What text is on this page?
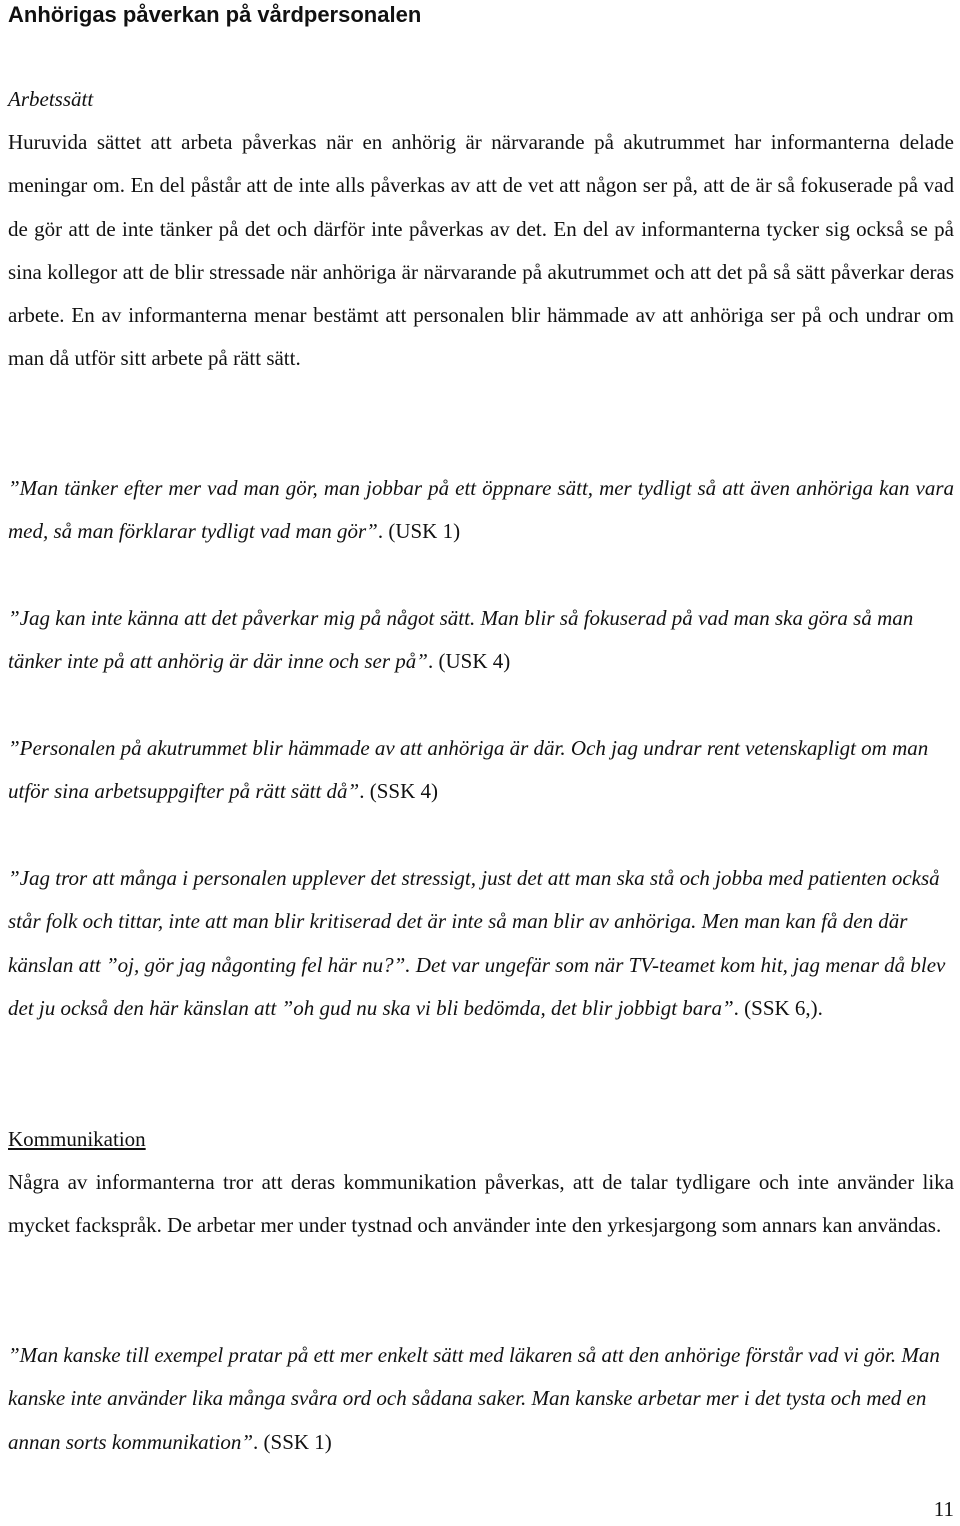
Anhörigas påverkan på vårdpersonalen
Arbetssätt

Huruvida sättet att arbeta påverkas när en anhörig är närvarande på akutrummet har informanterna delade meningar om. En del påstår att de inte alls påverkas av att de vet att någon ser på, att de är så fokuserade på vad de gör att de inte tänker på det och därför inte påverkas av det. En del av informanterna tycker sig också se på sina kollegor att de blir stressade när anhöriga är närvarande på akutrummet och att det på så sätt påverkar deras arbete. En av informanterna menar bestämt att personalen blir hämmade av att anhöriga ser på och undrar om man då utför sitt arbete på rätt sätt.

”Man tänker efter mer vad man gör, man jobbar på ett öppnare sätt, mer tydligt så att även anhöriga kan vara med, så man förklarar tydligt vad man gör”. (USK 1)

”Jag kan inte känna att det påverkar mig på något sätt. Man blir så fokuserad på vad man ska göra så man tänker inte på att anhörig är där inne och ser på”. (USK 4)

”Personalen på akutrummet blir hämmade av att anhöriga är där. Och jag undrar rent vetenskapligt om man utför sina arbetsuppgifter på rätt sätt då”. (SSK 4)

”Jag tror att många i personalen upplever det stressigt, just det att man ska stå och jobba med patienten också står folk och tittar, inte att man blir kritiserad det är inte så man blir av anhöriga. Men man kan få den där känslan att ”oj, gör jag någonting fel här nu?”. Det var ungefär som när TV-teamet kom hit, jag menar då blev det ju också den här känslan att ”oh gud nu ska vi bli bedömda, det blir jobbigt bara”. (SSK 6,).

Kommunikation

Några av informanterna tror att deras kommunikation påverkas, att de talar tydligare och inte använder lika mycket fackspråk. De arbetar mer under tystnad och använder inte den yrkesjargong som annars kan användas.

”Man kanske till exempel pratar på ett mer enkelt sätt med läkaren så att den anhörige förstår vad vi gör. Man kanske inte använder lika många svåra ord och sådana saker. Man kanske arbetar mer i det tysta och med en annan sorts kommunikation”. (SSK 1)

11
